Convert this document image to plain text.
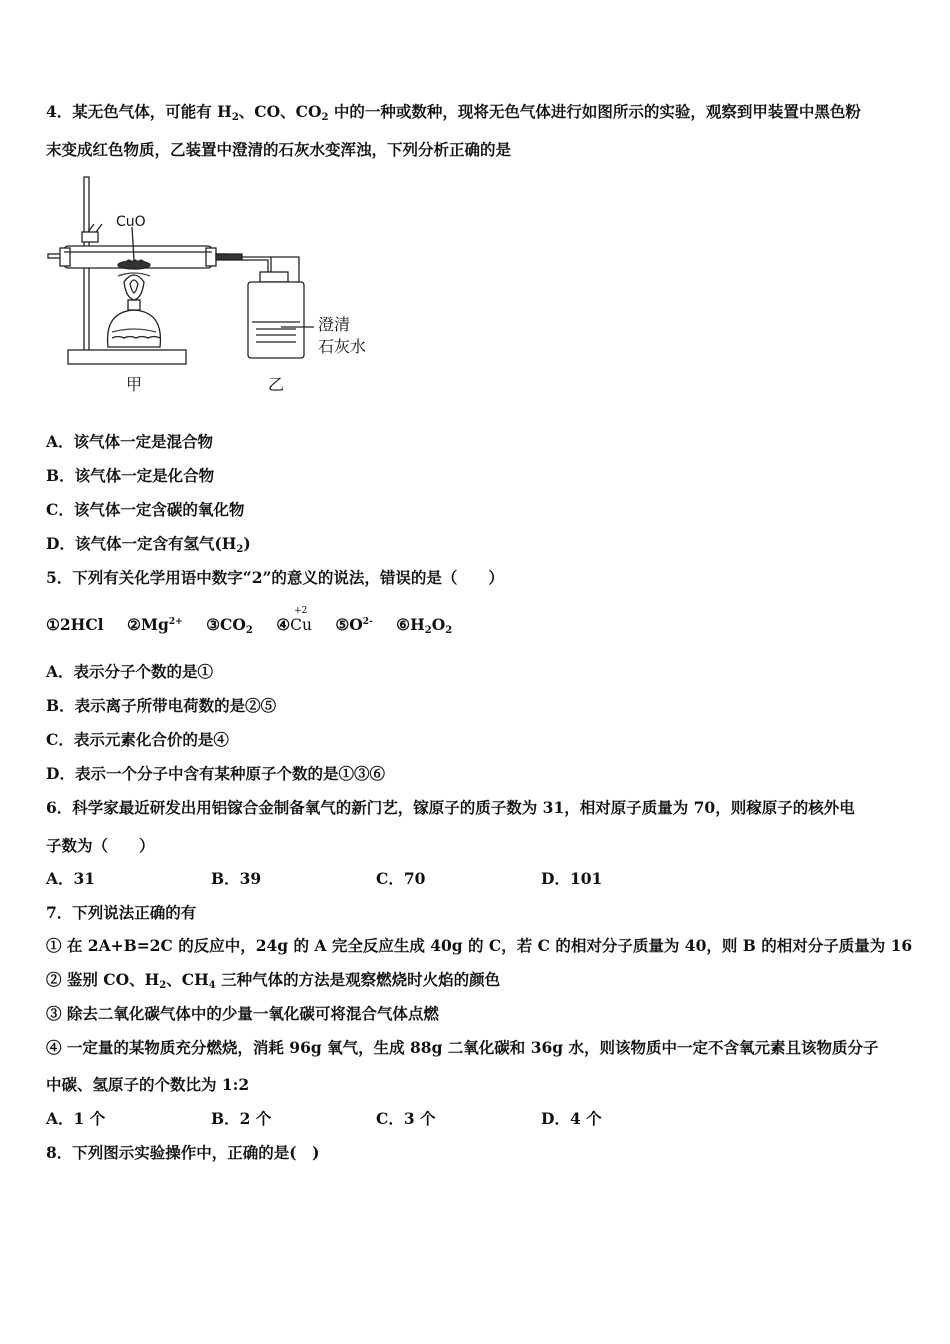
4．某无色气体，可能有 $H_2$、CO、$CO_2$ 中的一种或数种，现将无色气体进行如图所示的实验，观察到甲装置中黑色粉
末变成红色物质，乙装置中澄清的石灰水变浑浊，下列分析正确的是
CuO
澄清
石灰水
甲	乙
A．该气体一定是混合物
B．该气体一定是化合物
C．该气体一定含碳的氧化物
D．该气体一定含有氢气$(H_2)$
5．下列有关化学用语中数字“2”的意义的说法，错误的是（　　）
①2HCl $②Mg^{2+}$ $③CO_2$ ④
+2
Cu $⑤O^{2-}$ $⑥H_2O_2$
A．表示分子个数的是①
B．表示离子所带电荷数的是②⑤
C．表示元素化合价的是④
D．表示一个分子中含有某种原子个数的是①③⑥
6．科学家最近研发出用铝镓合金制备氧气的新门艺，镓原子的质子数为 31，相对原子质量为 70，则稼原子的核外电
子数为（　　）
A．31	B．39	C．70	D．101
7．下列说法正确的有
① 在 2A+B=2C 的反应中，24g 的 A 完全反应生成 40g 的 C，若 C 的相对分子质量为 40，则 B 的相对分子质量为 16
② 鉴别 CO、$H_2$、$CH_4$ 三种气体的方法是观察燃烧时火焰的颜色
③ 除去二氧化碳气体中的少量一氧化碳可将混合气体点燃
④ 一定量的某物质充分燃烧，消耗 96g 氧气，生成 88g 二氧化碳和 36g 水，则该物质中一定不含氧元素且该物质分子
中碳、氢原子的个数比为 1:2
A．1 个	B．2 个	C．3 个	D．4 个
8．下列图示实验操作中，正确的是(　)
